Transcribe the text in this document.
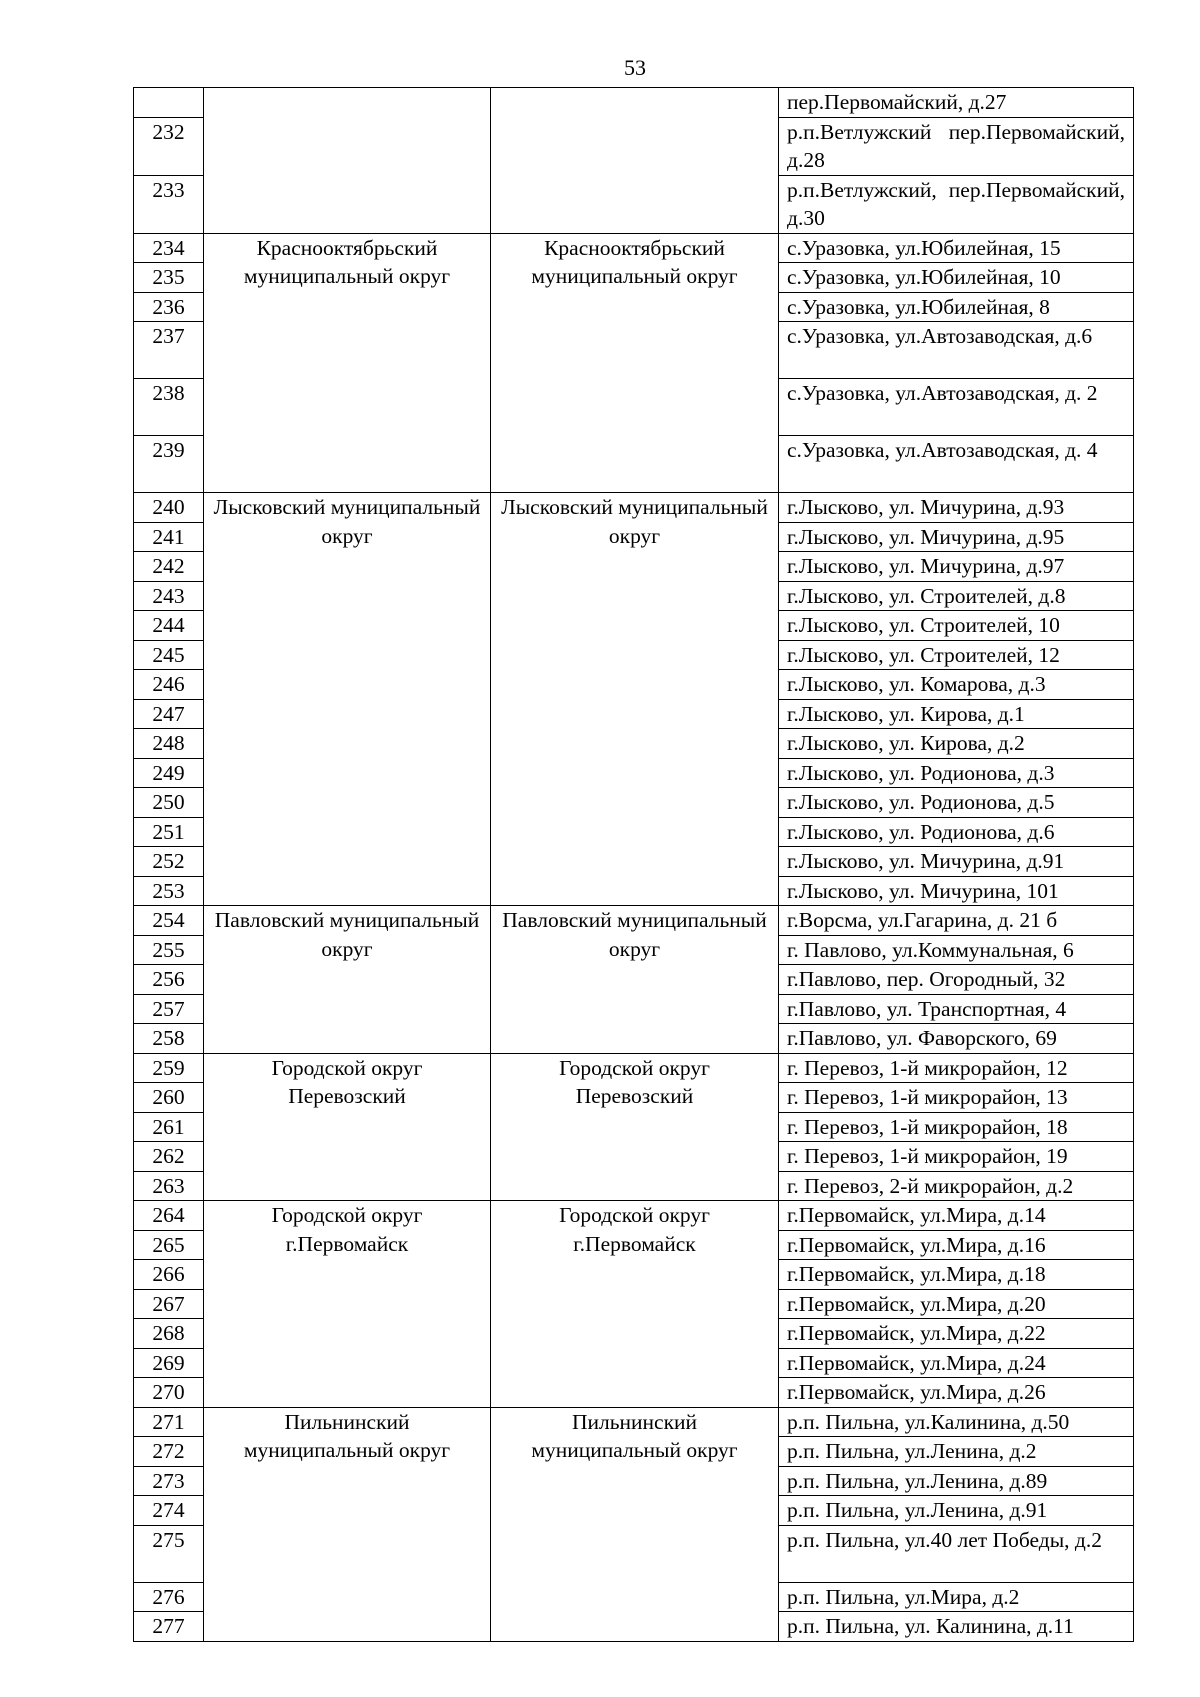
53
			пер.Первомайский, д.27
232			р.п.Ветлужский пер.Первомайский, д.28
233			р.п.Ветлужский, пер.Первомайский, д.30
234	Краснооктябрьский муниципальный округ	Краснооктябрьский муниципальный округ	с.Уразовка, ул.Юбилейная, 15
235			с.Уразовка, ул.Юбилейная, 10
236			с.Уразовка, ул.Юбилейная, 8
237			с.Уразовка, ул.Автозаводская, д.6
238			с.Уразовка, ул.Автозаводская, д. 2
239			с.Уразовка, ул.Автозаводская, д. 4
240	Лысковский муниципальный округ	Лысковский муниципальный округ	г.Лысково, ул. Мичурина, д.93
241			г.Лысково, ул. Мичурина, д.95
242			г.Лысково, ул. Мичурина, д.97
243			г.Лысково, ул. Строителей, д.8
244			г.Лысково, ул. Строителей, 10
245			г.Лысково, ул. Строителей, 12
246			г.Лысково, ул. Комарова, д.3
247			г.Лысково, ул. Кирова, д.1
248			г.Лысково, ул. Кирова, д.2
249			г.Лысково, ул. Родионова, д.3
250			г.Лысково, ул. Родионова, д.5
251			г.Лысково, ул. Родионова, д.6
252			г.Лысково, ул. Мичурина, д.91
253			г.Лысково, ул. Мичурина, 101
254	Павловский муниципальный округ	Павловский муниципальный округ	г.Ворсма, ул.Гагарина, д. 21 б
255			г. Павлово, ул.Коммунальная, 6
256			г.Павлово, пер. Огородный, 32
257			г.Павлово, ул. Транспортная, 4
258			г.Павлово, ул. Фаворского, 69
259	Городской округ Перевозский	Городской округ Перевозский	г. Перевоз, 1-й микрорайон, 12
260			г. Перевоз, 1-й микрорайон, 13
261			г. Перевоз, 1-й микрорайон, 18
262			г. Перевоз, 1-й микрорайон, 19
263			г. Перевоз, 2-й микрорайон, д.2
264	Городской округ г.Первомайск	Городской округ г.Первомайск	г.Первомайск, ул.Мира, д.14
265			г.Первомайск, ул.Мира, д.16
266			г.Первомайск, ул.Мира, д.18
267			г.Первомайск, ул.Мира, д.20
268			г.Первомайск, ул.Мира, д.22
269			г.Первомайск, ул.Мира, д.24
270			г.Первомайск, ул.Мира, д.26
271	Пильнинский муниципальный округ	Пильнинский муниципальный округ	р.п. Пильна, ул.Калинина, д.50
272			р.п. Пильна, ул.Ленина, д.2
273			р.п. Пильна, ул.Ленина, д.89
274			р.п. Пильна, ул.Ленина, д.91
275			р.п. Пильна, ул.40 лет Победы, д.2
276			р.п. Пильна, ул.Мира, д.2
277			р.п. Пильна, ул. Калинина, д.11
